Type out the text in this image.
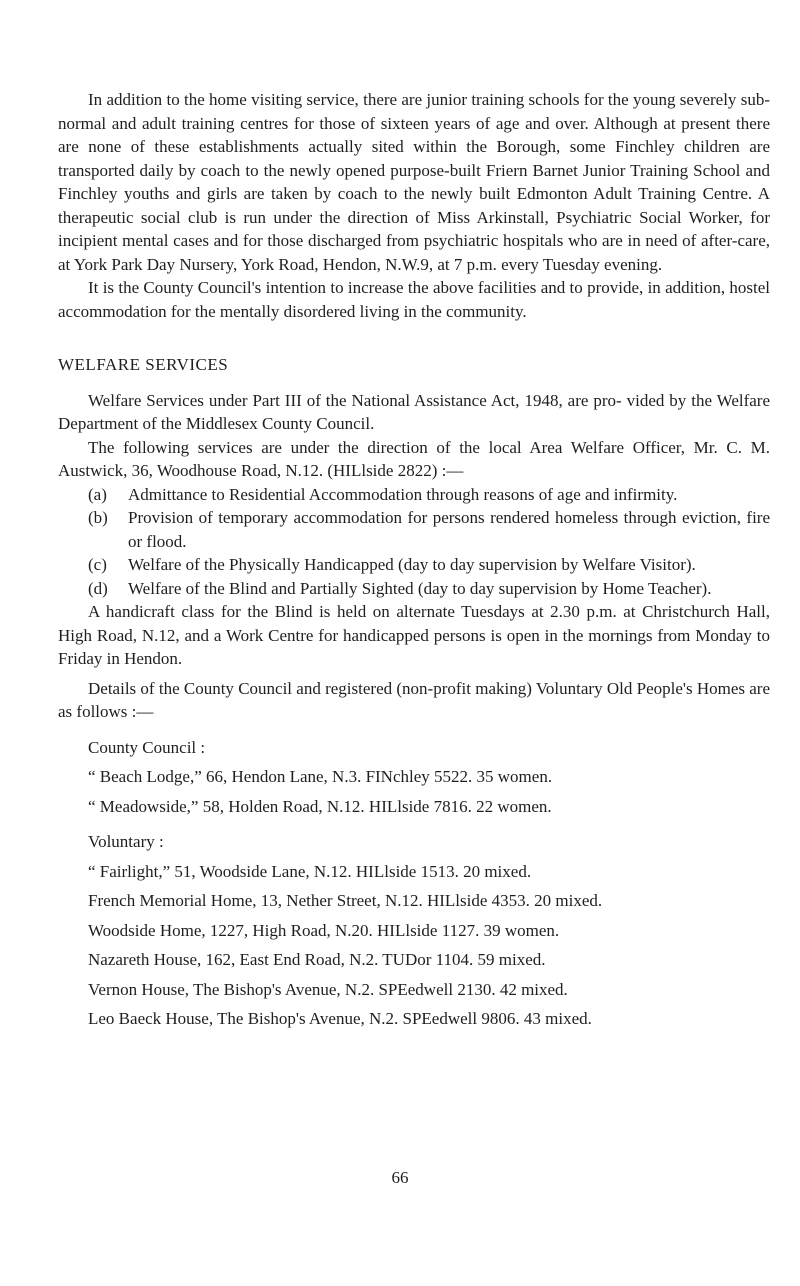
In addition to the home visiting service, there are junior training schools for the young severely sub-normal and adult training centres for those of sixteen years of age and over. Although at present there are none of these establishments actually sited within the Borough, some Finchley children are transported daily by coach to the newly opened purpose-built Friern Barnet Junior Training School and Finchley youths and girls are taken by coach to the newly built Edmonton Adult Training Centre. A therapeutic social club is run under the direction of Miss Arkinstall, Psychiatric Social Worker, for incipient mental cases and for those discharged from psychiatric hospitals who are in need of after-care, at York Park Day Nursery, York Road, Hendon, N.W.9, at 7 p.m. every Tuesday evening.

It is the County Council's intention to increase the above facilities and to provide, in addition, hostel accommodation for the mentally disordered living in the community.

WELFARE SERVICES

Welfare Services under Part III of the National Assistance Act, 1948, are pro- vided by the Welfare Department of the Middlesex County Council.

The following services are under the direction of the local Area Welfare Officer, Mr. C. M. Austwick, 36, Woodhouse Road, N.12. (HILlside 2822) :—

(a)	Admittance to Residential Accommodation through reasons of age and infirmity.
(b)	Provision of temporary accommodation for persons rendered homeless through eviction, fire or flood.
(c)	Welfare of the Physically Handicapped (day to day supervision by Welfare Visitor).
(d)	Welfare of the Blind and Partially Sighted (day to day supervision by Home Teacher).

A handicraft class for the Blind is held on alternate Tuesdays at 2.30 p.m. at Christchurch Hall, High Road, N.12, and a Work Centre for handicapped persons is open in the mornings from Monday to Friday in Hendon.

Details of the County Council and registered (non-profit making) Voluntary Old People's Homes are as follows :—

County Council :

“ Beach Lodge,” 66, Hendon Lane, N.3. FINchley 5522. 35 women.

“ Meadowside,” 58, Holden Road, N.12. HILlside 7816. 22 women.

Voluntary :

“ Fairlight,” 51, Woodside Lane, N.12. HILlside 1513. 20 mixed.

French Memorial Home, 13, Nether Street, N.12. HILlside 4353. 20 mixed.

Woodside Home, 1227, High Road, N.20. HILlside 1127. 39 women.

Nazareth House, 162, East End Road, N.2. TUDor 1104. 59 mixed.

Vernon House, The Bishop's Avenue, N.2. SPEedwell 2130. 42 mixed.

Leo Baeck House, The Bishop's Avenue, N.2. SPEedwell 9806. 43 mixed.

66
